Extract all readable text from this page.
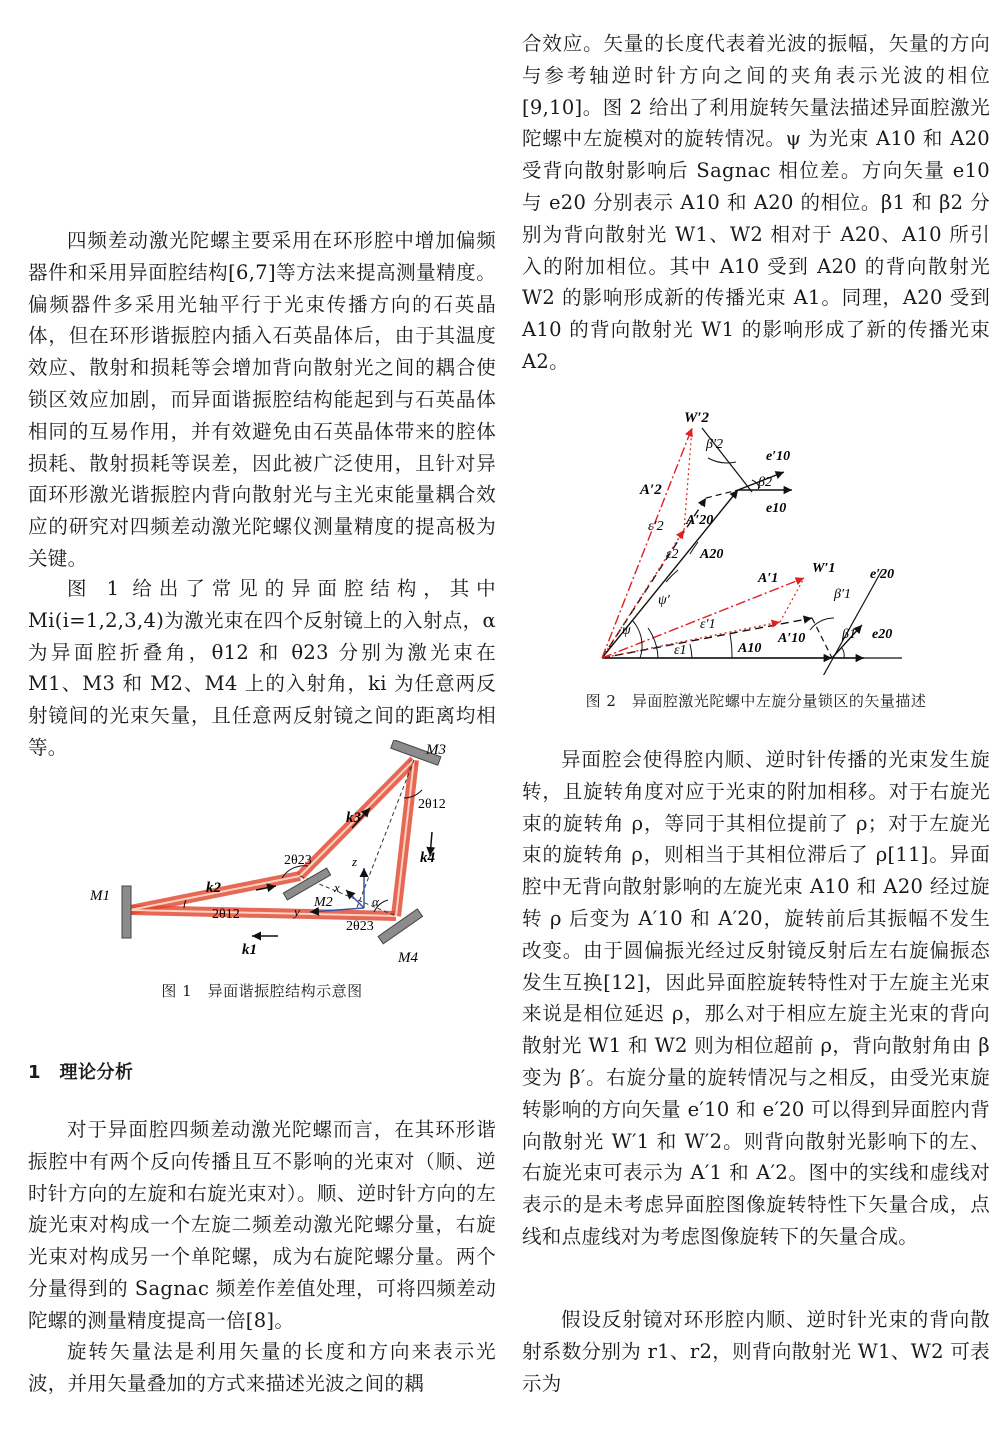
四频差动激光陀螺主要采用在环形腔中增加偏频器件和采用异面腔结构[6,7]等方法来提高测量精度。偏频器件多采用光轴平行于光束传播方向的石英晶体，但在环形谐振腔内插入石英晶体后，由于其温度效应、散射和损耗等会增加背向散射光之间的耦合使锁区效应加剧，而异面谐振腔结构能起到与石英晶体相同的互易作用，并有效避免由石英晶体带来的腔体损耗、散射损耗等误差，因此被广泛使用，且针对异面环形激光谐振腔内背向散射光与主光束能量耦合效应的研究对四频差动激光陀螺仪测量精度的提高极为关键。

图 1 给出了常见的异面腔结构，其中 Mi(i=1,2,3,4)为激光束在四个反射镜上的入射点，α为异面腔折叠角，θ12 和 θ23 分别为激光束在 M1、M3 和 M2、M4 上的入射角，ki 为任意两反射镜间的光束矢量，且任意两反射镜之间的距离均相等。

M1
M3
M2
M4
k1
k2
k3
k4
2θ12
2θ12
2θ23
2θ23
x
y
z
α

图 1　异面谐振腔结构示意图

1　理论分析

对于异面腔四频差动激光陀螺而言，在其环形谐振腔中有两个反向传播且互不影响的光束对（顺、逆时针方向的左旋和右旋光束对）。顺、逆时针方向的左旋光束对构成一个左旋二频差动激光陀螺分量，右旋光束对构成另一个单陀螺，成为右旋陀螺分量。两个分量得到的 Sagnac 频差作差值处理，可将四频差动陀螺的测量精度提高一倍[8]。

旋转矢量法是利用矢量的长度和方向来表示光波，并用矢量叠加的方式来描述光波之间的耦

合效应。矢量的长度代表着光波的振幅，矢量的方向与参考轴逆时针方向之间的夹角表示光波的相位[9,10]。图 2 给出了利用旋转矢量法描述异面腔激光陀螺中左旋模对的旋转情况。ψ 为光束 A10 和 A20 受背向散射影响后 Sagnac 相位差。方向矢量 e10 与 e20 分别表示 A10 和 A20 的相位。β1 和 β2 分别为背向散射光 W1、W2 相对于 A20、A10 所引入的附加相位。其中 A10 受到 A20 的背向散射光 W2 的影响形成新的传播光束 A1。同理，A20 受到 A10 的背向散射光 W1 的影响形成了新的传播光束 A2。

W′2
β′2
e′10
β2
e10
A′2
A′20
ε′2
ε2 A20
ψ′
ψ
A′1
W′1 e′20
β′1
ε′1
A′10	β1
ε1	A10
e20

图 2　异面腔激光陀螺中左旋分量锁区的矢量描述

异面腔会使得腔内顺、逆时针传播的光束发生旋转，且旋转角度对应于光束的附加相移。对于右旋光束的旋转角 ρ，等同于其相位提前了 ρ；对于左旋光束的旋转角 ρ，则相当于其相位滞后了 ρ[11]。异面腔中无背向散射影响的左旋光束 A10 和 A20 经过旋转 ρ 后变为 A′10 和 A′20，旋转前后其振幅不发生改变。由于圆偏振光经过反射镜反射后左右旋偏振态发生互换[12]，因此异面腔旋转特性对于左旋主光束来说是相位延迟 ρ，那么对于相应左旋主光束的背向散射光 W1 和 W2 则为相位超前 ρ，背向散射角由 β 变为 β′。右旋分量的旋转情况与之相反，由受光束旋转影响的方向矢量 e′10 和 e′20 可以得到异面腔内背向散射光 W′1 和 W′2。则背向散射光影响下的左、右旋光束可表示为 A′1 和 A′2。图中的实线和虚线对表示的是未考虑异面腔图像旋转特性下矢量合成，点线和点虚线对为考虑图像旋转下的矢量合成。

假设反射镜对环形腔内顺、逆时针光束的背向散射系数分别为 r1、r2，则背向散射光 W1、W2 可表示为
